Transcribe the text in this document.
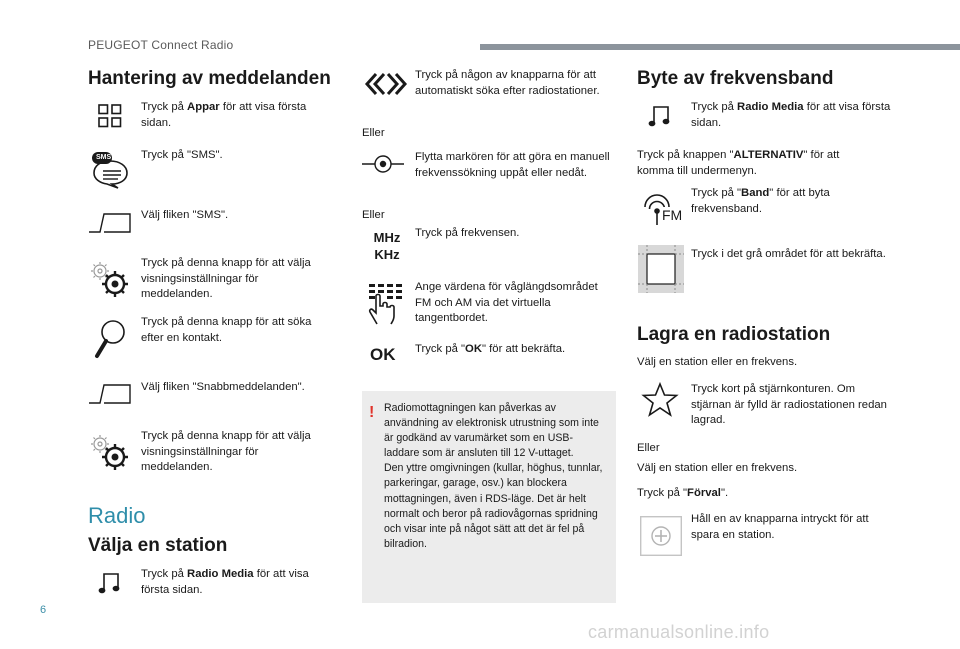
PEUGEOT Connect Radio
Hantering av meddelanden
Tryck på Appar för att visa första sidan.
SMS	Tryck på "SMS".
Välj fliken "SMS".
Tryck på denna knapp för att välja visningsinställningar för meddelanden.
Tryck på denna knapp för att söka efter en kontakt.
Välj fliken "Snabbmeddelanden".
Tryck på denna knapp för att välja visningsinställningar för meddelanden.
Radio
Välja en station
Tryck på Radio Media för att visa första sidan.
Tryck på någon av knapparna för att automatiskt söka efter radiostationer.
Eller
Flytta markören för att göra en manuell frekvenssökning uppåt eller nedåt.
Eller
MHz
KHz
Tryck på frekvensen.
Ange värdena för våglängdsområdet FM och AM via det virtuella tangentbordet.
OK Tryck på "OK" för att bekräfta.
! Radiomottagningen kan påverkas av användning av elektronisk utrustning som inte är godkänd av varumärket som en USB-laddare som är ansluten till 12 V-uttaget.
Den yttre omgivningen (kullar, höghus, tunnlar, parkeringar, garage, osv.) kan blockera mottagningen, även i RDS-läge. Det är helt normalt och beror på radiovågornas spridning och visar inte på något sätt att det är fel på bilradion.
Byte av frekvensband
Tryck på Radio Media för att visa första sidan.
Tryck på knappen "ALTERNATIV" för att komma till undermenyn.
FM
Tryck på "Band" för att byta frekvensband.
Tryck i det grå området för att bekräfta.
Lagra en radiostation
Välj en station eller en frekvens.
Tryck kort på stjärnkonturen. Om stjärnan är fylld är radiostationen redan lagrad.
Eller
Välj en station eller en frekvens.
Tryck på "Förval".
Håll en av knapparna intryckt för att spara en station.
6
carmanualsonline.info
